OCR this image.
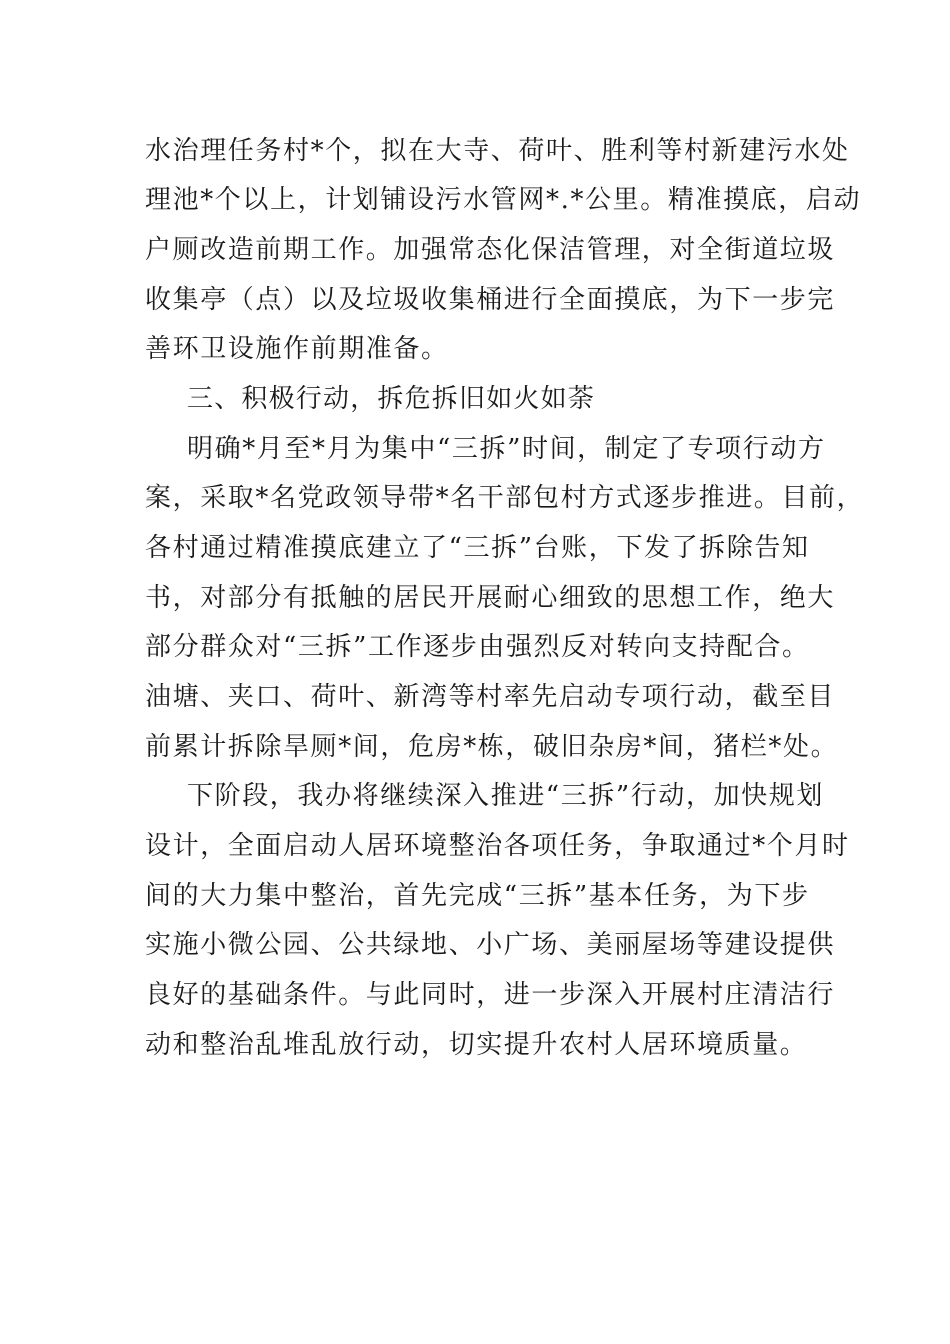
水治理任务村*个，拟在大寺、荷叶、胜利等村新建污水处
理池*个以上，计划铺设污水管网*.*公里。精准摸底，启动
户厕改造前期工作。加强常态化保洁管理，对全街道垃圾
收集亭（点）以及垃圾收集桶进行全面摸底，为下一步完
善环卫设施作前期准备。
三、积极行动，拆危拆旧如火如荼
明确*月至*月为集中“三拆”时间，制定了专项行动方
案，采取*名党政领导带*名干部包村方式逐步推进。目前，
各村通过精准摸底建立了“三拆”台账，下发了拆除告知
书，对部分有抵触的居民开展耐心细致的思想工作，绝大
部分群众对“三拆”工作逐步由强烈反对转向支持配合。
油塘、夹口、荷叶、新湾等村率先启动专项行动，截至目
前累计拆除旱厕*间，危房*栋，破旧杂房*间，猪栏*处。
下阶段，我办将继续深入推进“三拆”行动，加快规划
设计，全面启动人居环境整治各项任务，争取通过*个月时
间的大力集中整治，首先完成“三拆”基本任务，为下步
实施小微公园、公共绿地、小广场、美丽屋场等建设提供
良好的基础条件。与此同时，进一步深入开展村庄清洁行
动和整治乱堆乱放行动，切实提升农村人居环境质量。
